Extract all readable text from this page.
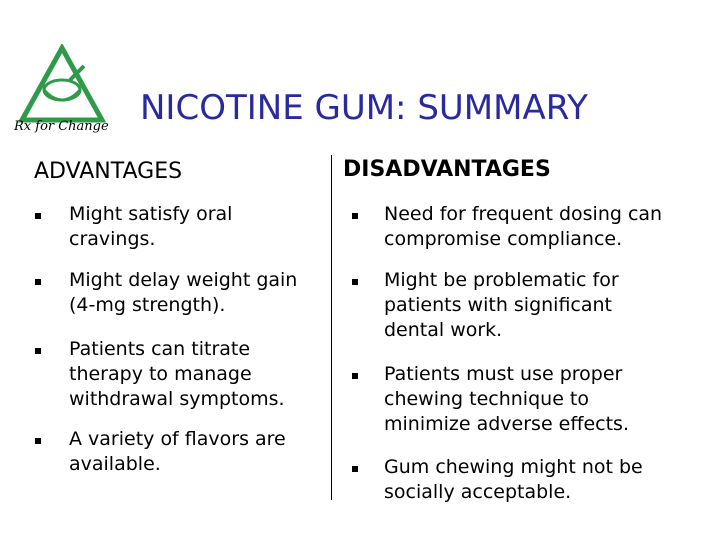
Rx for Change NICOTINE GUM: SUMMARY
ADVANTAGES	DISADVANTAGES
Might satisfy oral
cravings.
Might delay weight gain
(4-mg strength).
Patients can titrate
therapy to manage
withdrawal symptoms.
A variety of flavors are
available.
Need for frequent dosing can
compromise compliance.
Might be problematic for
patients with significant
dental work.
Patients must use proper
chewing technique to
minimize adverse effects.
Gum chewing might not be
socially acceptable.
